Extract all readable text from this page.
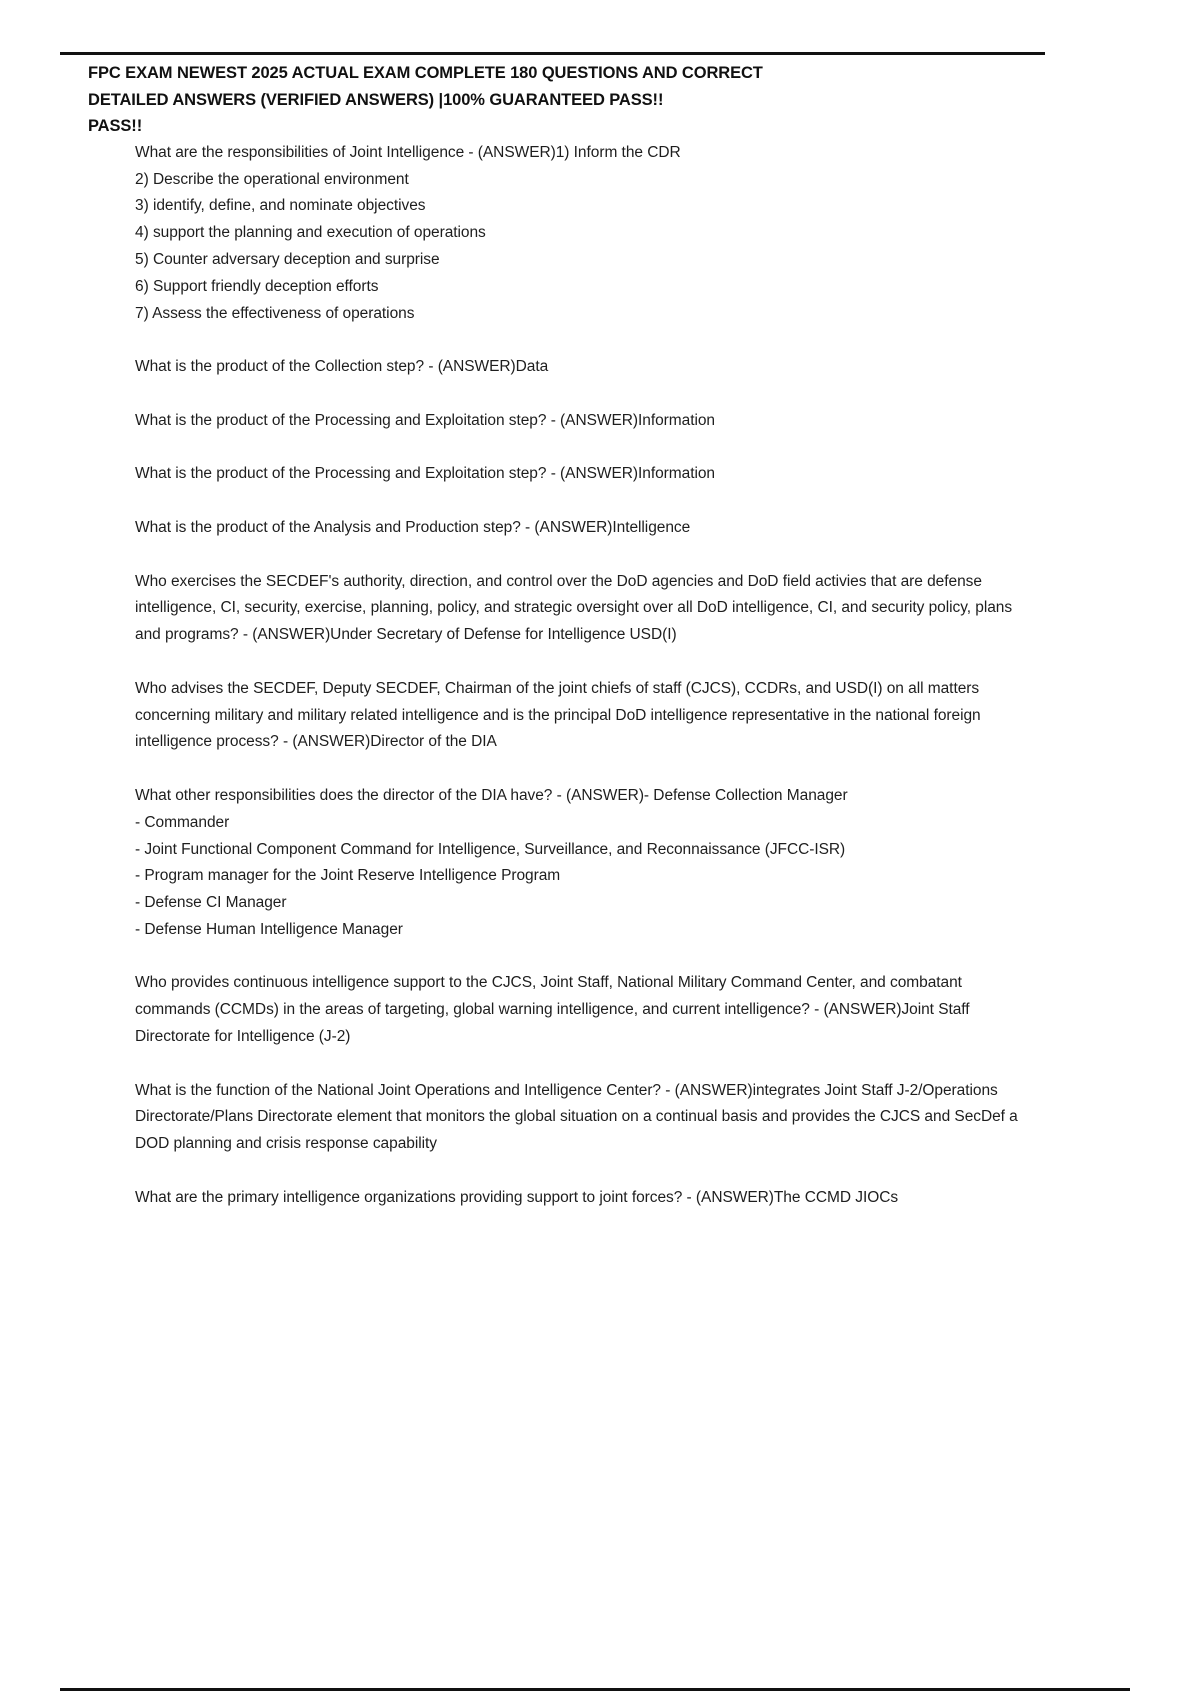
FPC EXAM NEWEST 2025 ACTUAL EXAM COMPLETE 180 QUESTIONS AND CORRECT
DETAILED ANSWERS (VERIFIED ANSWERS) |100% GUARANTEED PASS!!
PASS!!

What are the responsibilities of Joint Intelligence - (ANSWER)1) Inform the CDR

2) Describe the operational environment

3) identify, define, and nominate objectives

4) support the planning and execution of operations

5) Counter adversary deception and surprise

6) Support friendly deception efforts

7) Assess the effectiveness of operations

What is the product of the Collection step? - (ANSWER)Data

What is the product of the Processing and Exploitation step? - (ANSWER)Information

What is the product of the Processing and Exploitation step? - (ANSWER)Information

What is the product of the Analysis and Production step? - (ANSWER)Intelligence

Who exercises the SECDEF's authority, direction, and control over the DoD agencies and DoD field activies that are defense intelligence, CI, security, exercise, planning, policy, and strategic oversight over all DoD intelligence, CI, and security policy, plans and programs? - (ANSWER)Under Secretary of Defense for Intelligence USD(I)

Who advises the SECDEF, Deputy SECDEF, Chairman of the joint chiefs of staff (CJCS), CCDRs, and USD(I) on all matters concerning military and military related intelligence and is the principal DoD intelligence representative in the national foreign intelligence process? - (ANSWER)Director of the DIA

What other responsibilities does the director of the DIA have? - (ANSWER)- Defense Collection Manager

- Commander

- Joint Functional Component Command for Intelligence, Surveillance, and Reconnaissance (JFCC-ISR)

- Program manager for the Joint Reserve Intelligence Program

- Defense CI Manager

- Defense Human Intelligence Manager

Who provides continuous intelligence support to the CJCS, Joint Staff, National Military Command Center, and combatant commands (CCMDs) in the areas of targeting, global warning intelligence, and current intelligence? - (ANSWER)Joint Staff Directorate for Intelligence (J-2)

What is the function of the National Joint Operations and Intelligence Center? - (ANSWER)integrates Joint Staff J-2/Operations Directorate/Plans Directorate element that monitors the global situation on a continual basis and provides the CJCS and SecDef a DOD planning and crisis response capability

What are the primary intelligence organizations providing support to joint forces? - (ANSWER)The CCMD JIOCs
